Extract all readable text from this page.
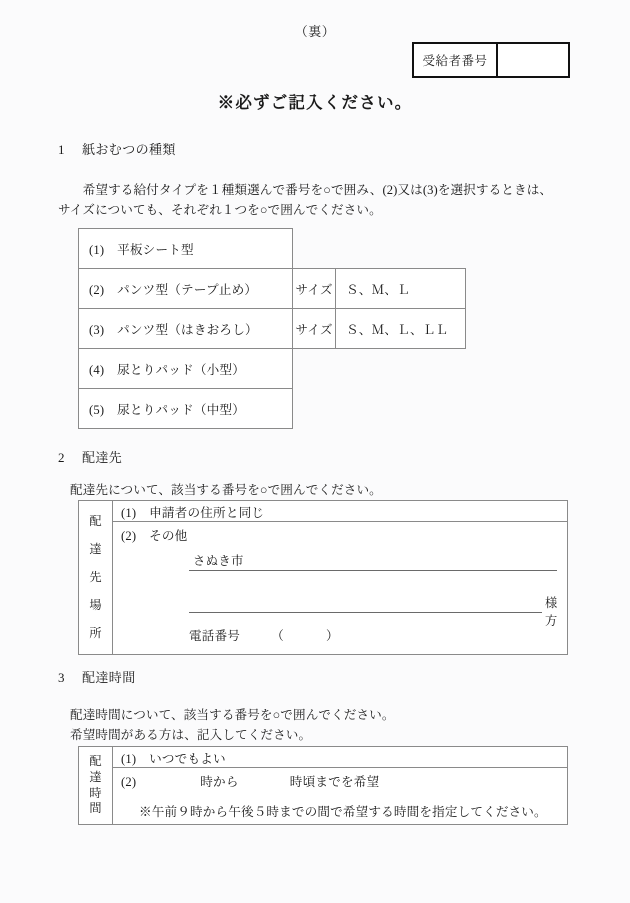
（裏）
受給者番号
※必ずご記入ください。
1 紙おむつの種類
　希望する給付タイプを１種類選んで番号を○で囲み、(2)又は(3)を選択するときは、
サイズについても、それぞれ１つを○で囲んでください。
(1)　平板シート型		
(2)　パンツ型（テープ止め）	サイズ	Ｓ、Ｍ、Ｌ
(3)　パンツ型（はきおろし）	サイズ	Ｓ、Ｍ、Ｌ、ＬＬ
(4)　尿とりパッド（小型）		
(5)　尿とりパッド（中型）		
2 配達先
配達先について、該当する番号を○で囲んでください。
配
達
先
場
所
(1)　申請者の住所と同じ
(2)　その他
さぬき市
様方
電話番号		（			）
3 配達時間
配達時間について、該当する番号を○で囲んでください。
希望時間がある方は、記入してください。
配
達
時
間
(1)　いつでもよい
(2)　　　　　時から　　　　時頃までを希望
※午前９時から午後５時までの間で希望する時間を指定してください。
